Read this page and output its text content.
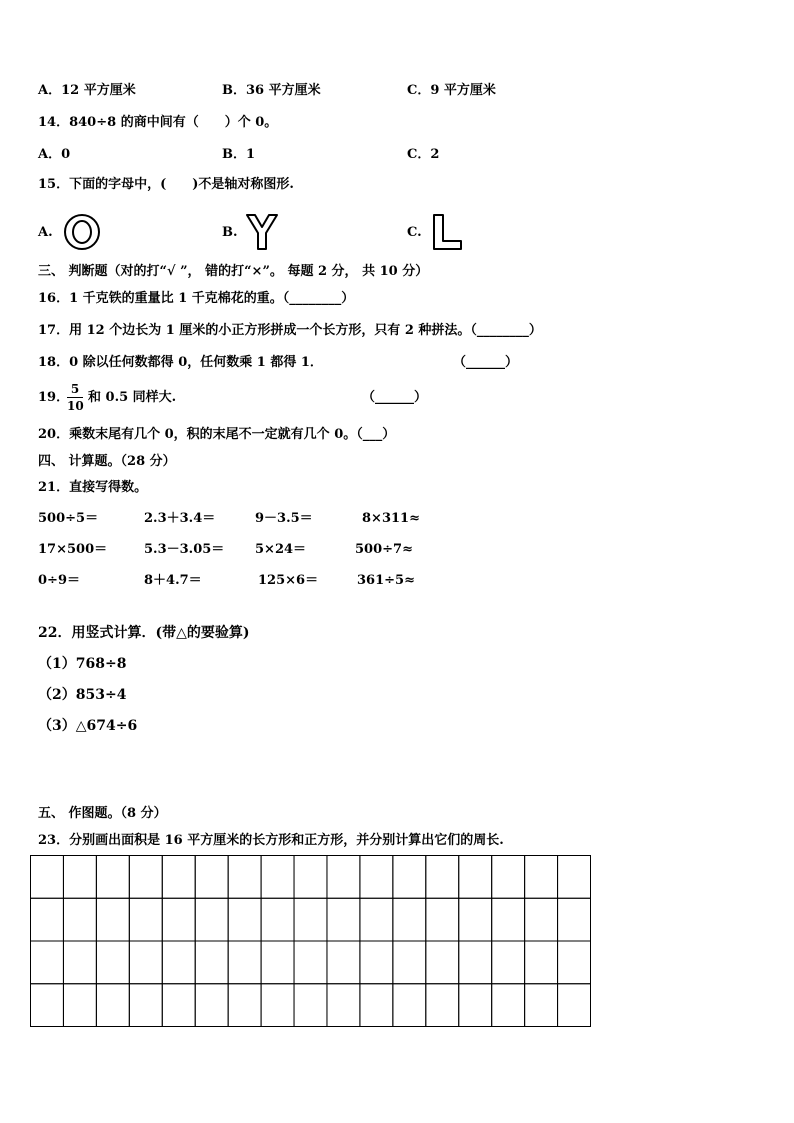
A．12 平方厘米	B．36 平方厘米	C．9 平方厘米
14．840÷8 的商中间有（　　）个 0。
A．0	B．1	C．2
15．下面的字母中，(　　)不是轴对称图形.
A.	B.	C.
三、 判断题（对的打“√ ”， 错的打“×”。 每题 2 分， 共 10 分）
16．1 千克铁的重量比 1 千克棉花的重。（________）
17．用 12 个边长为 1 厘米的小正方形拼成一个长方形，只有 2 种拼法。（________）
18．0 除以任何数都得 0，任何数乘 1 都得 1．	（______）
19．
5
10
和 0.5 同样大.	（______）
20．乘数末尾有几个 0，积的末尾不一定就有几个 0。（___）
四、 计算题。（28 分）
21．直接写得数。
500÷5＝	2.3＋3.4＝	9－3.5＝	8×311≈
17×500＝	5.3－3.05＝ 5×24＝	500÷7≈
0÷9＝	8＋4.7＝	125×6＝	361÷5≈
22．用竖式计算．(带△的要验算)
（1）768÷8
（2）853÷4
（3）△674÷6
五、 作图题。（8 分）
23．分别画出面积是 16 平方厘米的长方形和正方形，并分别计算出它们的周长.
